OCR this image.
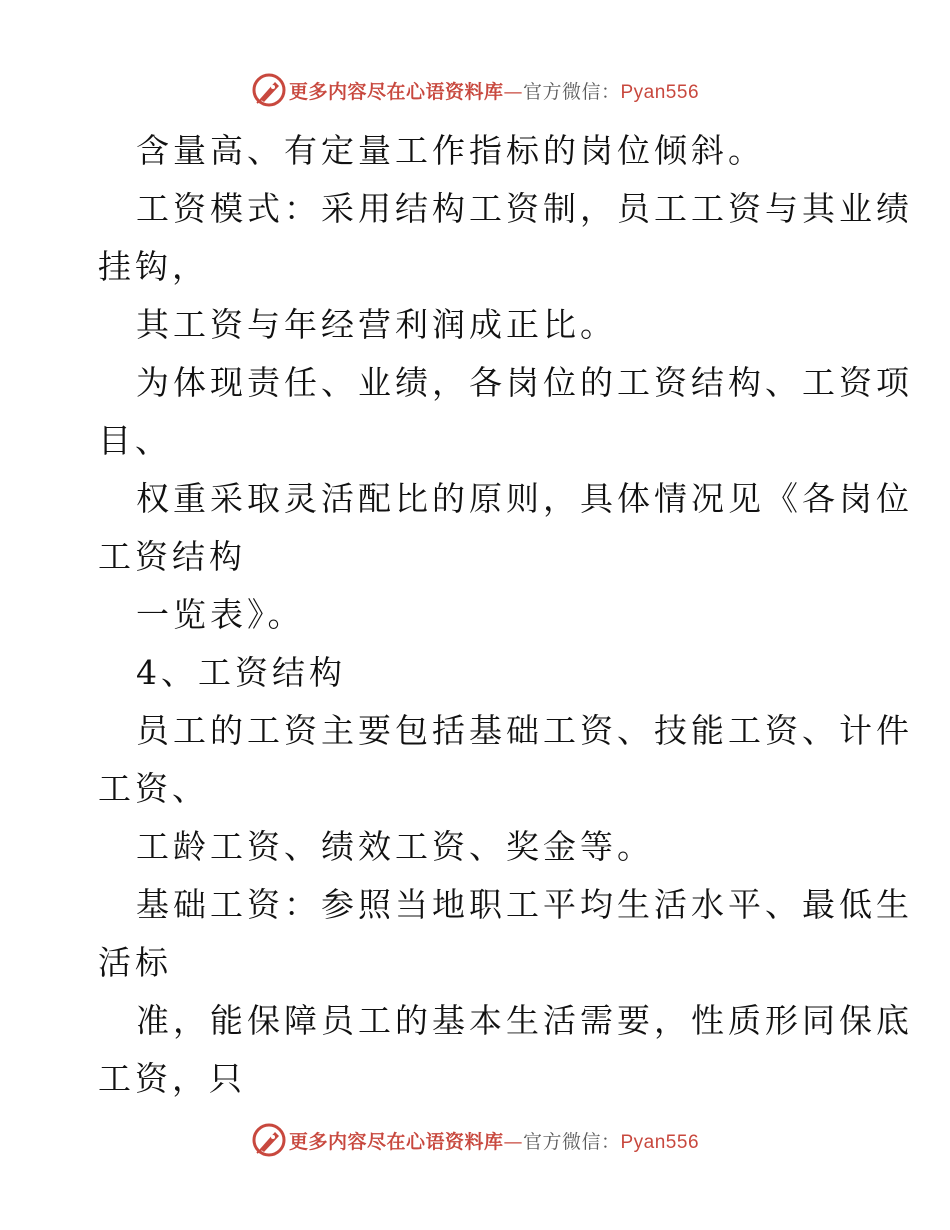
更多内容尽在心语资料库—官方微信：Pyan556
含量高、有定量工作指标的岗位倾斜。
工资模式：采用结构工资制，员工工资与其业绩
挂钩，
其工资与年经营利润成正比。
为体现责任、业绩，各岗位的工资结构、工资项
目、
权重采取灵活配比的原则，具体情况见《各岗位
工资结构
一览表》。
4、工资结构
员工的工资主要包括基础工资、技能工资、计件
工资、
工龄工资、绩效工资、奖金等。
基础工资：参照当地职工平均生活水平、最低生
活标
准，能保障员工的基本生活需要，性质形同保底
工资，只
更多内容尽在心语资料库—官方微信：Pyan556
